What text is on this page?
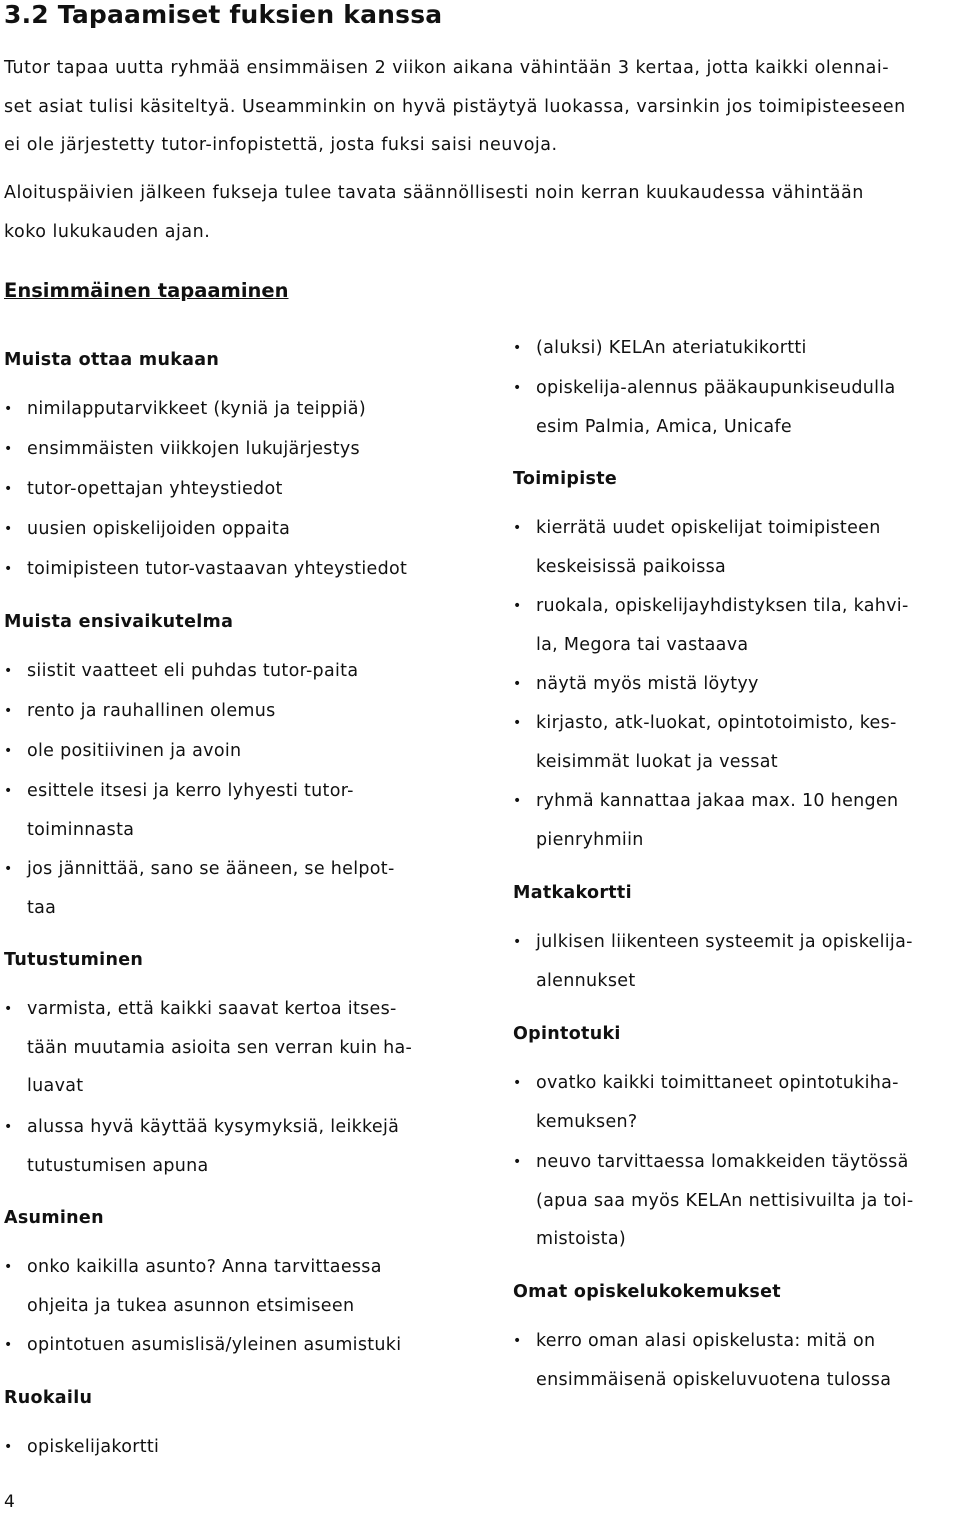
3.2 Tapaamiset fuksien kanssa

Tutor tapaa uutta ryhmää ensimmäisen 2 viikon aikana vähintään 3 kertaa, jotta kaikki olennai-
set asiat tulisi käsiteltyä. Useamminkin on hyvä pistäytyä luokassa, varsinkin jos toimipisteeseen
ei ole järjestetty tutor-infopistettä, josta fuksi saisi neuvoja.

Aloituspäivien jälkeen fukseja tulee tavata säännöllisesti noin kerran kuukaudessa vähintään
koko lukukauden ajan.

Ensimmäinen tapaaminen
Muista ottaa mukaan
• nimilapputarvikkeet (kyniä ja teippiä)
• ensimmäisten viikkojen lukujärjestys
• tutor-opettajan yhteystiedot
• uusien opiskelijoiden oppaita
• toimipisteen tutor-vastaavan yhteystiedot
Muista ensivaikutelma
• siistit vaatteet eli puhdas tutor-paita
• rento ja rauhallinen olemus
• ole positiivinen ja avoin
• esittele itsesi ja kerro lyhyesti tutor-
toiminnasta
• jos jännittää, sano se ääneen, se helpot-
taa
Tutustuminen
• varmista, että kaikki saavat kertoa itses-
tään muutamia asioita sen verran kuin ha-
luavat
• alussa hyvä käyttää kysymyksiä, leikkejä
tutustumisen apuna
Asuminen
• onko kaikilla asunto? Anna tarvittaessa
ohjeita ja tukea asunnon etsimiseen
• opintotuen asumislisä/yleinen asumistuki
Ruokailu
• opiskelijakortti
• (aluksi) KELAn ateriatukikortti
• opiskelija-alennus pääkaupunkiseudulla
esim Palmia, Amica, Unicafe
Toimipiste
• kierrätä uudet opiskelijat toimipisteen
keskeisissä paikoissa
• ruokala, opiskelijayhdistyksen tila, kahvi-
la, Megora tai vastaava
• näytä myös mistä löytyy
• kirjasto, atk-luokat, opintotoimisto, kes-
keisimmät luokat ja vessat
• ryhmä kannattaa jakaa max. 10 hengen
pienryhmiin
Matkakortti
• julkisen liikenteen systeemit ja opiskelija-
alennukset
Opintotuki
• ovatko kaikki toimittaneet opintotukiha-
kemuksen?
• neuvo tarvittaessa lomakkeiden täytössä
(apua saa myös KELAn nettisivuilta ja toi-
mistoista)
Omat opiskelukokemukset
• kerro oman alasi opiskelusta: mitä on
ensimmäisenä opiskeluvuotena tulossa
4
